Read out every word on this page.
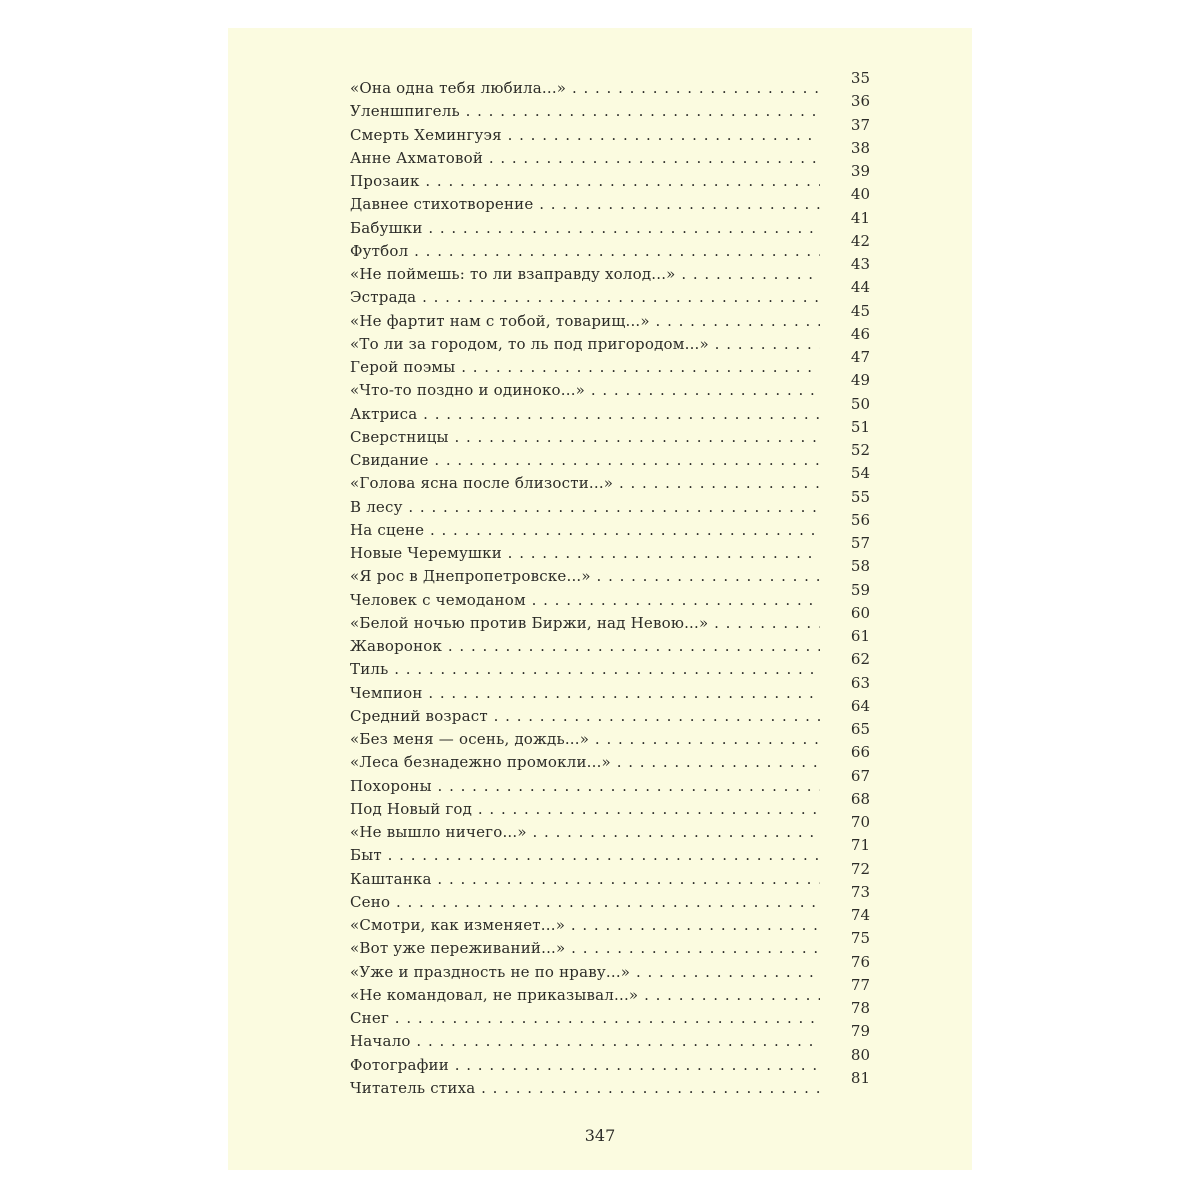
«Она одна тебя любила...» . .
35
Уленшпигель . .
36
Смерть Хемингуэя . .
37
Анне Ахматовой . .
38
Прозаик . .
39
Давнее стихотворение . .
40
Бабушки . .
41
Футбол . .
42
«Не поймешь: то ли взаправду холод...» . .
43
Эстрада . .
44
«Не фартит нам с тобой, товарищ...» . .
45
«То ли за городом, то ль под пригородом...» . .
46
Герой поэмы . .
47
«Что-то поздно и одиноко...» . .
49
Актриса . .
50
Сверстницы . .
51
Свидание . .
52
«Голова ясна после близости...» . .
54
В лесу . .
55
На сцене . .
56
Новые Черемушки . .
57
«Я рос в Днепропетровске...» . .
58
Человек с чемоданом . .
59
«Белой ночью против Биржи, над Невою...» . .
60
Жаворонок . .
61
Тиль . .
62
Чемпион . .
63
Средний возраст . .
64
«Без меня — осень, дождь...» . .
65
«Леса безнадежно промокли...» . .
66
Похороны . .
67
Под Новый год . .
68
«Не вышло ничего...» . .
70
Быт . .
71
Каштанка . .
72
Сено . .
73
«Смотри, как изменяет...» . .
74
«Вот уже переживаний...» . .
75
«Уже и праздность не по нраву...» . .
76
«Не командовал, не приказывал...» . .
77
Снег . .
78
Начало . .
79
Фотографии . .
80
Читатель стиха . .
81
347
